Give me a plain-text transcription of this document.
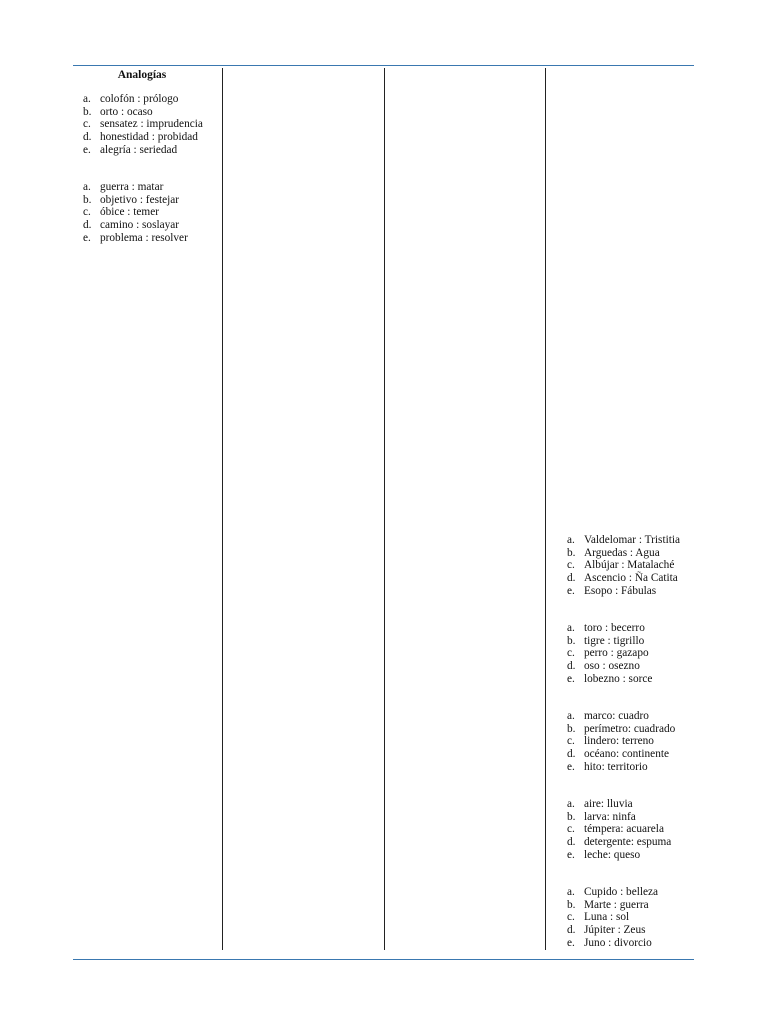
Analogías
a. colofón : prólogo
b. orto : ocaso
c. sensatez : imprudencia
d. honestidad : probidad
e. alegría : seriedad
a. guerra : matar
b. objetivo : festejar
c. óbice : temer
d. camino : soslayar
e. problema : resolver
a. Valdelomar : Tristitia
b. Arguedas : Agua
c. Albújar : Matalaché
d. Ascencio : Ña Catita
e. Esopo : Fábulas
a. toro : becerro
b. tigre : tigrillo
c. perro : gazapo
d. oso : osezno
e. lobezno : sorce
a. marco: cuadro
b. perímetro: cuadrado
c. lindero: terreno
d. océano: continente
e. hito: territorio
a. aire: lluvia
b. larva: ninfa
c. témpera: acuarela
d. detergente: espuma
e. leche: queso
a. Cupido : belleza
b. Marte : guerra
c. Luna : sol
d. Júpiter : Zeus
e. Juno : divorcio
